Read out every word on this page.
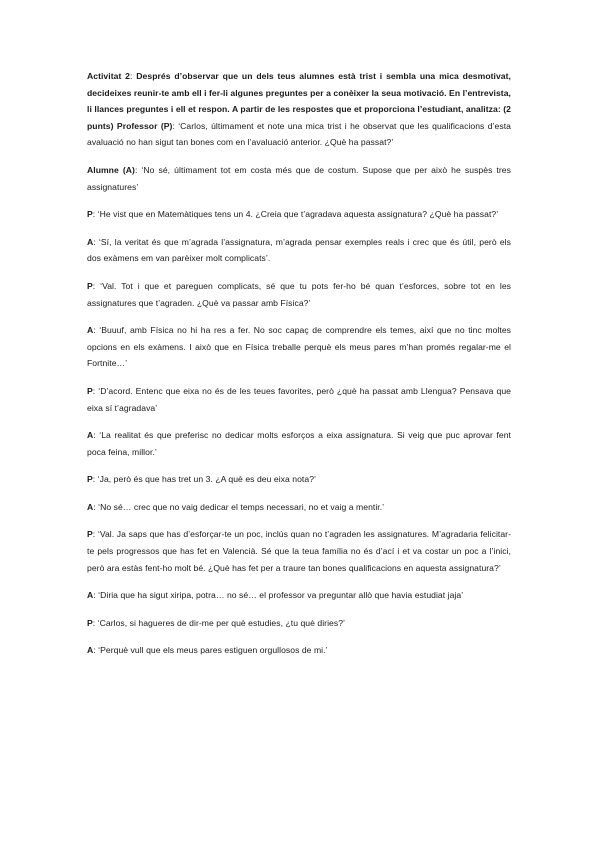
Activitat 2: Després d’observar que un dels teus alumnes està trist i sembla una mica desmotivat, decideixes reunir-te amb ell i fer-li algunes preguntes per a conèixer la seua motivació. En l’entrevista, li llances preguntes i ell et respon. A partir de les respostes que et proporciona l’estudiant, analitza: (2 punts) Professor (P): ‘Carlos, últimament et note una mica trist i he observat que les qualificacions d’esta avaluació no han sigut tan bones com en l’avaluació anterior. ¿Què ha passat?’

Alumne (A): ‘No sé, últimament tot em costa més que de costum. Supose que per això he suspès tres assignatures’

P: ‘He vist que en Matemàtiques tens un 4. ¿Creia que t’agradava aquesta assignatura? ¿Què ha passat?’

A: ‘Sí, la veritat és que m’agrada l’assignatura, m’agrada pensar exemples reals i crec que és útil, però els dos exàmens em van parèixer molt complicats’.

P: ‘Val. Tot i que et pareguen complicats, sé que tu pots fer-ho bé quan t’esforces, sobre tot en les assignatures que t’agraden. ¿Què va passar amb Física?’

A: ‘Buuuf, amb Física no hi ha res a fer. No soc capaç de comprendre els temes, així que no tinc moltes opcions en els exàmens. I això que en Física treballe perquè els meus pares m’han promés regalar-me el Fortnite…’

P: ‘D’acord. Entenc que eixa no és de les teues favorites, però ¿què ha passat amb Llengua? Pensava que eixa sí t’agradava’

A: ‘La realitat és que preferisc no dedicar molts esforços a eixa assignatura. Si veig que puc aprovar fent poca feina, millor.’

P: ‘Ja, però és que has tret un 3. ¿A què es deu eixa nota?’

A: ‘No sé… crec que no vaig dedicar el temps necessari, no et vaig a mentir.’

P: ‘Val. Ja saps que has d’esforçar-te un poc, inclús quan no t’agraden les assignatures. M’agradaria felicitar-te pels progressos que has fet en Valencià. Sé que la teua família no és d’ací i et va costar un poc a l’inici, però ara estàs fent-ho molt bé. ¿Què has fet per a traure tan bones qualificacions en aquesta assignatura?’

A: ‘Diria que ha sigut xiripa, potra… no sé… el professor va preguntar allò que havia estudiat jaja’

P: ‘Carlos, si hagueres de dir-me per què estudies, ¿tu què diries?’

A: ‘Perquè vull que els meus pares estiguen orgullosos de mi.’
